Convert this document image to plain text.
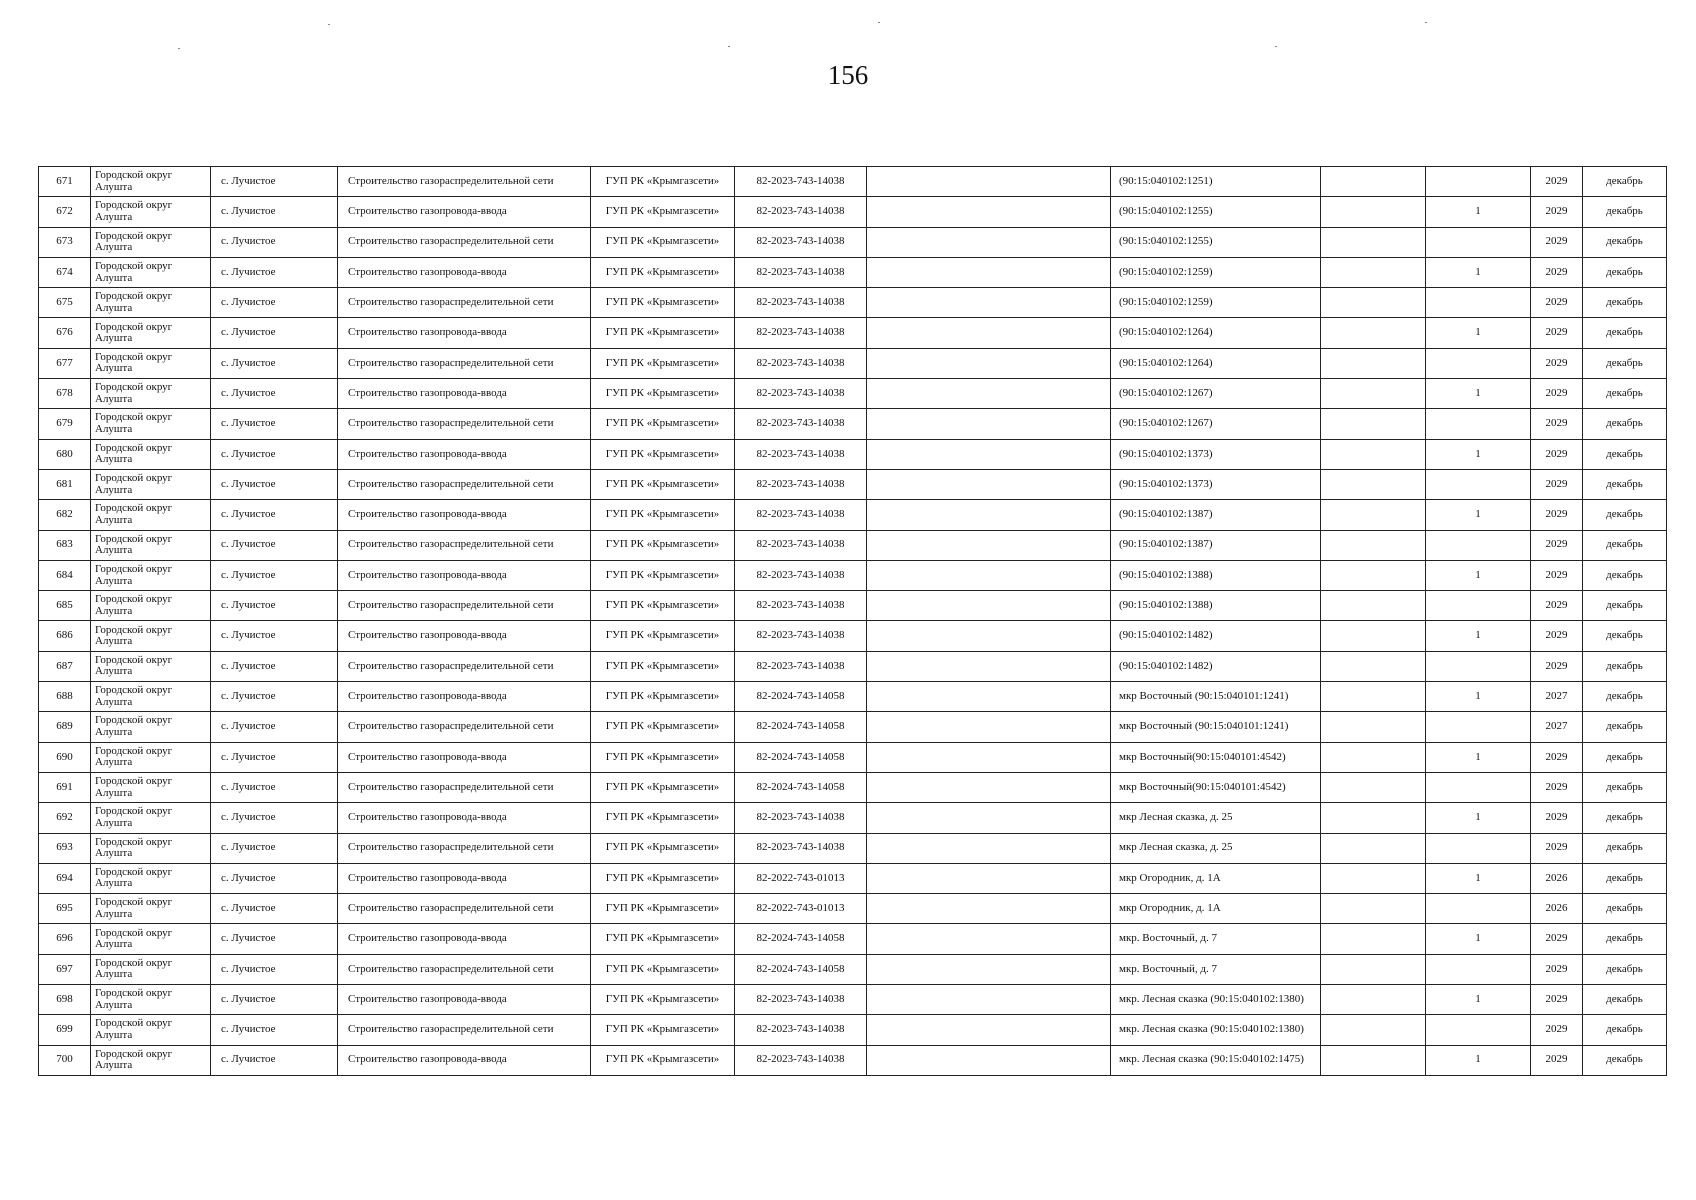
156
671	Городской округ Алушта	с. Лучистое	Строительство газораспределительной сети	ГУП РК «Крымгазсети»	82-2023-743-14038		(90:15:040102:1251)			2029	декабрь
672	Городской округ Алушта	с. Лучистое	Строительство газопровода-ввода	ГУП РК «Крымгазсети»	82-2023-743-14038		(90:15:040102:1255)		1	2029	декабрь
673	Городской округ Алушта	с. Лучистое	Строительство газораспределительной сети	ГУП РК «Крымгазсети»	82-2023-743-14038		(90:15:040102:1255)			2029	декабрь
674	Городской округ Алушта	с. Лучистое	Строительство газопровода-ввода	ГУП РК «Крымгазсети»	82-2023-743-14038		(90:15:040102:1259)		1	2029	декабрь
675	Городской округ Алушта	с. Лучистое	Строительство газораспределительной сети	ГУП РК «Крымгазсети»	82-2023-743-14038		(90:15:040102:1259)			2029	декабрь
676	Городской округ Алушта	с. Лучистое	Строительство газопровода-ввода	ГУП РК «Крымгазсети»	82-2023-743-14038		(90:15:040102:1264)		1	2029	декабрь
677	Городской округ Алушта	с. Лучистое	Строительство газораспределительной сети	ГУП РК «Крымгазсети»	82-2023-743-14038		(90:15:040102:1264)			2029	декабрь
678	Городской округ Алушта	с. Лучистое	Строительство газопровода-ввода	ГУП РК «Крымгазсети»	82-2023-743-14038		(90:15:040102:1267)		1	2029	декабрь
679	Городской округ Алушта	с. Лучистое	Строительство газораспределительной сети	ГУП РК «Крымгазсети»	82-2023-743-14038		(90:15:040102:1267)			2029	декабрь
680	Городской округ Алушта	с. Лучистое	Строительство газопровода-ввода	ГУП РК «Крымгазсети»	82-2023-743-14038		(90:15:040102:1373)		1	2029	декабрь
681	Городской округ Алушта	с. Лучистое	Строительство газораспределительной сети	ГУП РК «Крымгазсети»	82-2023-743-14038		(90:15:040102:1373)			2029	декабрь
682	Городской округ Алушта	с. Лучистое	Строительство газопровода-ввода	ГУП РК «Крымгазсети»	82-2023-743-14038		(90:15:040102:1387)		1	2029	декабрь
683	Городской округ Алушта	с. Лучистое	Строительство газораспределительной сети	ГУП РК «Крымгазсети»	82-2023-743-14038		(90:15:040102:1387)			2029	декабрь
684	Городской округ Алушта	с. Лучистое	Строительство газопровода-ввода	ГУП РК «Крымгазсети»	82-2023-743-14038		(90:15:040102:1388)		1	2029	декабрь
685	Городской округ Алушта	с. Лучистое	Строительство газораспределительной сети	ГУП РК «Крымгазсети»	82-2023-743-14038		(90:15:040102:1388)			2029	декабрь
686	Городской округ Алушта	с. Лучистое	Строительство газопровода-ввода	ГУП РК «Крымгазсети»	82-2023-743-14038		(90:15:040102:1482)		1	2029	декабрь
687	Городской округ Алушта	с. Лучистое	Строительство газораспределительной сети	ГУП РК «Крымгазсети»	82-2023-743-14038		(90:15:040102:1482)			2029	декабрь
688	Городской округ Алушта	с. Лучистое	Строительство газопровода-ввода	ГУП РК «Крымгазсети»	82-2024-743-14058		мкр Восточный (90:15:040101:1241)		1	2027	декабрь
689	Городской округ Алушта	с. Лучистое	Строительство газораспределительной сети	ГУП РК «Крымгазсети»	82-2024-743-14058		мкр Восточный (90:15:040101:1241)			2027	декабрь
690	Городской округ Алушта	с. Лучистое	Строительство газопровода-ввода	ГУП РК «Крымгазсети»	82-2024-743-14058		мкр Восточный(90:15:040101:4542)		1	2029	декабрь
691	Городской округ Алушта	с. Лучистое	Строительство газораспределительной сети	ГУП РК «Крымгазсети»	82-2024-743-14058		мкр Восточный(90:15:040101:4542)			2029	декабрь
692	Городской округ Алушта	с. Лучистое	Строительство газопровода-ввода	ГУП РК «Крымгазсети»	82-2023-743-14038		мкр Лесная сказка, д. 25		1	2029	декабрь
693	Городской округ Алушта	с. Лучистое	Строительство газораспределительной сети	ГУП РК «Крымгазсети»	82-2023-743-14038		мкр Лесная сказка, д. 25			2029	декабрь
694	Городской округ Алушта	с. Лучистое	Строительство газопровода-ввода	ГУП РК «Крымгазсети»	82-2022-743-01013		мкр Огородник, д. 1А		1	2026	декабрь
695	Городской округ Алушта	с. Лучистое	Строительство газораспределительной сети	ГУП РК «Крымгазсети»	82-2022-743-01013		мкр Огородник, д. 1А			2026	декабрь
696	Городской округ Алушта	с. Лучистое	Строительство газопровода-ввода	ГУП РК «Крымгазсети»	82-2024-743-14058		мкр. Восточный, д. 7		1	2029	декабрь
697	Городской округ Алушта	с. Лучистое	Строительство газораспределительной сети	ГУП РК «Крымгазсети»	82-2024-743-14058		мкр. Восточный, д. 7			2029	декабрь
698	Городской округ Алушта	с. Лучистое	Строительство газопровода-ввода	ГУП РК «Крымгазсети»	82-2023-743-14038		мкр. Лесная сказка (90:15:040102:1380)		1	2029	декабрь
699	Городской округ Алушта	с. Лучистое	Строительство газораспределительной сети	ГУП РК «Крымгазсети»	82-2023-743-14038		мкр. Лесная сказка (90:15:040102:1380)			2029	декабрь
700	Городской округ Алушта	с. Лучистое	Строительство газопровода-ввода	ГУП РК «Крымгазсети»	82-2023-743-14038		мкр. Лесная сказка (90:15:040102:1475)		1	2029	декабрь
